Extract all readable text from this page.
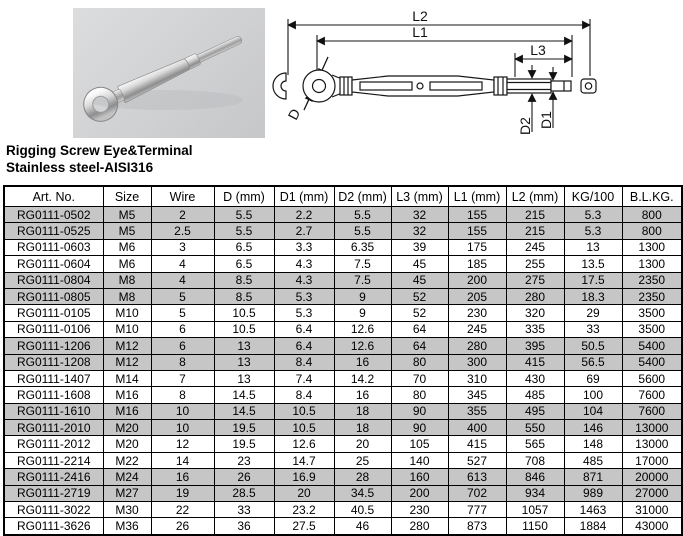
L2
L1
L3
D
D2 D1
Rigging Screw Eye&Terminal
Stainless steel-AISI316
Art. No.	Size	Wire	D (mm)	D1 (mm)	D2 (mm)	L3 (mm)	L1 (mm)	L2 (mm)	KG/100	B.L.KG.
RG0111-0502	M5	2	5.5	2.2	5.5	32	155	215	5.3	800
RG0111-0525	M5	2.5	5.5	2.7	5.5	32	155	215	5.3	800
RG0111-0603	M6	3	6.5	3.3	6.35	39	175	245	13	1300
RG0111-0604	M6	4	6.5	4.3	7.5	45	185	255	13.5	1300
RG0111-0804	M8	4	8.5	4.3	7.5	45	200	275	17.5	2350
RG0111-0805	M8	5	8.5	5.3	9	52	205	280	18.3	2350
RG0111-0105	M10	5	10.5	5.3	9	52	230	320	29	3500
RG0111-0106	M10	6	10.5	6.4	12.6	64	245	335	33	3500
RG0111-1206	M12	6	13	6.4	12.6	64	280	395	50.5	5400
RG0111-1208	M12	8	13	8.4	16	80	300	415	56.5	5400
RG0111-1407	M14	7	13	7.4	14.2	70	310	430	69	5600
RG0111-1608	M16	8	14.5	8.4	16	80	345	485	100	7600
RG0111-1610	M16	10	14.5	10.5	18	90	355	495	104	7600
RG0111-2010	M20	10	19.5	10.5	18	90	400	550	146	13000
RG0111-2012	M20	12	19.5	12.6	20	105	415	565	148	13000
RG0111-2214	M22	14	23	14.7	25	140	527	708	485	17000
RG0111-2416	M24	16	26	16.9	28	160	613	846	871	20000
RG0111-2719	M27	19	28.5	20	34.5	200	702	934	989	27000
RG0111-3022	M30	22	33	23.2	40.5	230	777	1057	1463	31000
RG0111-3626	M36	26	36	27.5	46	280	873	1150	1884	43000
